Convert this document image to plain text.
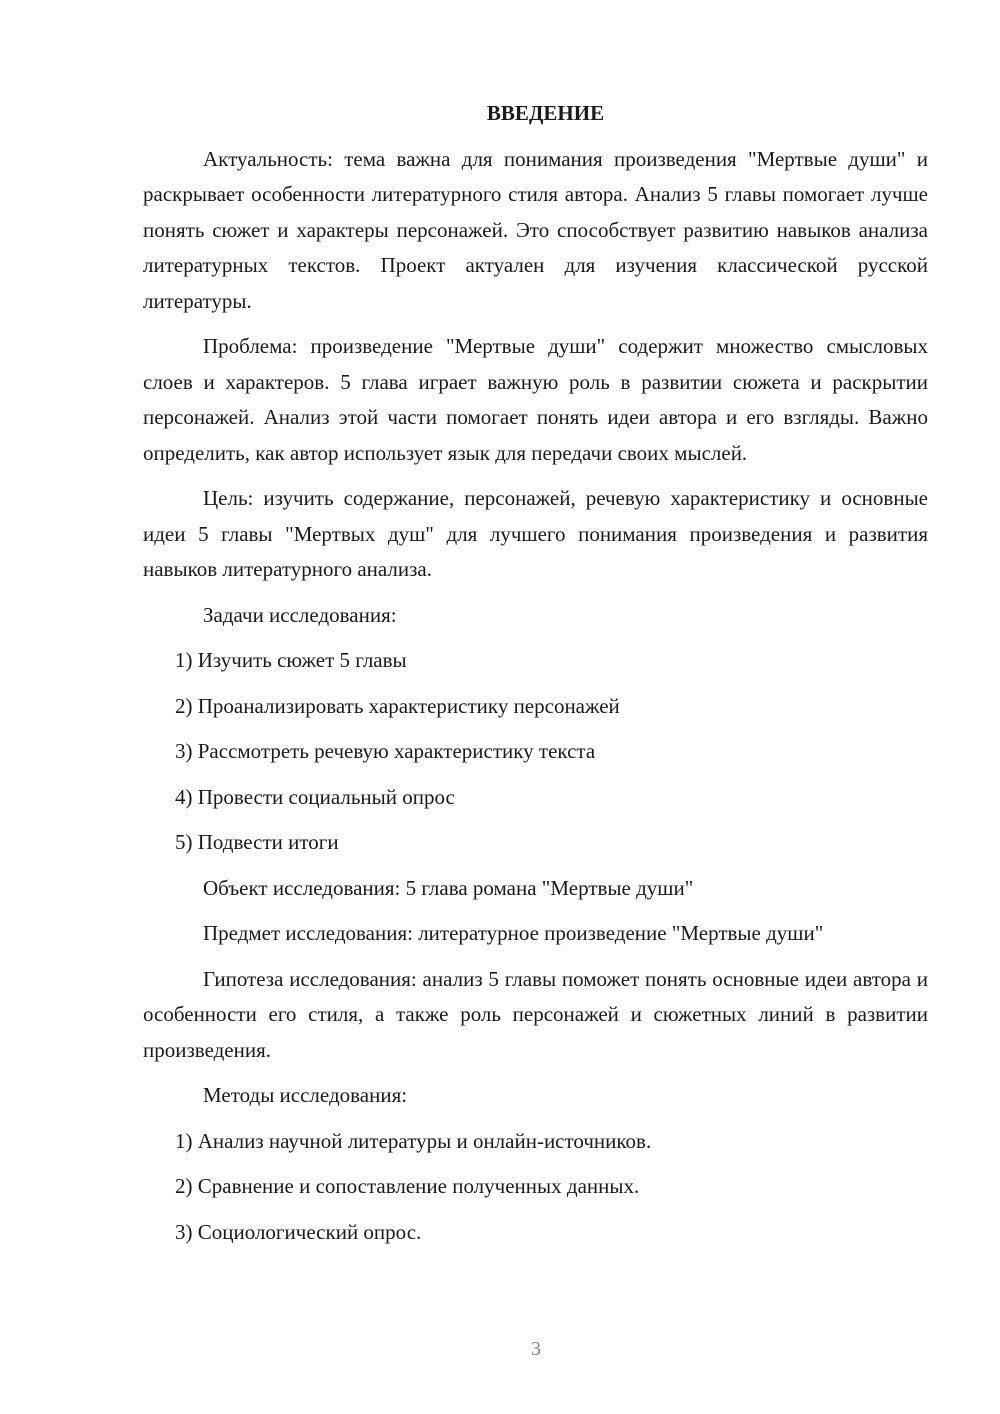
ВВЕДЕНИЕ

Актуальность: тема важна для понимания произведения "Мертвые души" и раскрывает особенности литературного стиля автора. Анализ 5 главы помогает лучше понять сюжет и характеры персонажей. Это способствует развитию навыков анализа литературных текстов. Проект актуален для изучения классической русской литературы.

Проблема: произведение "Мертвые души" содержит множество смысловых слоев и характеров. 5 глава играет важную роль в развитии сюжета и раскрытии персонажей. Анализ этой части помогает понять идеи автора и его взгляды. Важно определить, как автор использует язык для передачи своих мыслей.

Цель: изучить содержание, персонажей, речевую характеристику и основные идеи 5 главы "Мертвых душ" для лучшего понимания произведения и развития навыков литературного анализа.

Задачи исследования:

1) Изучить сюжет 5 главы

2) Проанализировать характеристику персонажей

3) Рассмотреть речевую характеристику текста

4) Провести социальный опрос

5) Подвести итоги

Объект исследования: 5 глава романа "Мертвые души"

Предмет исследования: литературное произведение "Мертвые души"

Гипотеза исследования: анализ 5 главы поможет понять основные идеи автора и особенности его стиля, а также роль персонажей и сюжетных линий в развитии произведения.

Методы исследования:

1) Анализ научной литературы и онлайн-источников.

2) Сравнение и сопоставление полученных данных.

3) Социологический опрос.

3
